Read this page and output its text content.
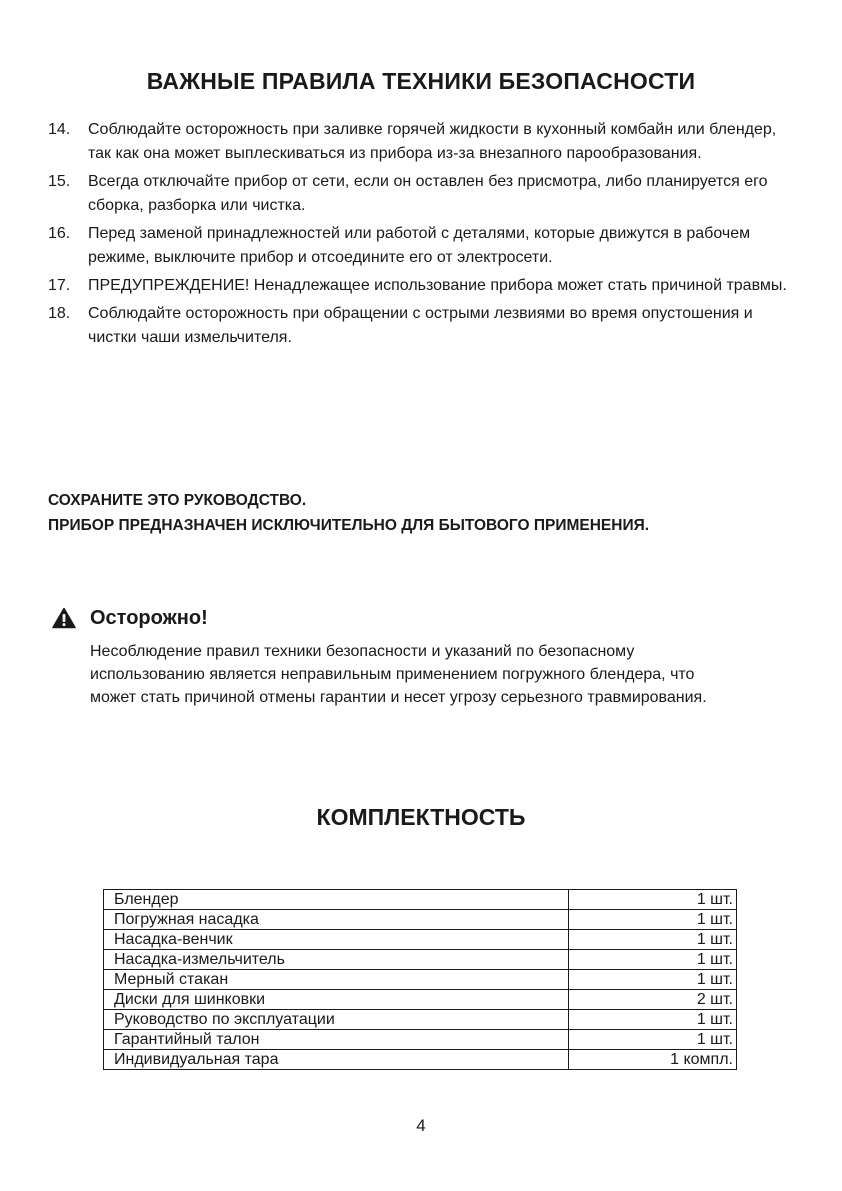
ВАЖНЫЕ ПРАВИЛА ТЕХНИКИ БЕЗОПАСНОСТИ
14. Соблюдайте осторожность при заливке горячей жидкости в кухонный комбайн или блендер, так как она может выплескиваться из прибора из-за внезапного парообразования.
15. Всегда отключайте прибор от сети, если он оставлен без присмотра, либо планируется его сборка, разборка или чистка.
16. Перед заменой принадлежностей или работой с деталями, которые движутся в рабочем режиме, выключите прибор и отсоедините его от электросети.
17. ПРЕДУПРЕЖДЕНИЕ! Ненадлежащее использование прибора может стать причиной травмы.
18. Соблюдайте осторожность при обращении с острыми лезвиями во время опустошения и чистки чаши измельчителя.
СОХРАНИТЕ ЭТО РУКОВОДСТВО.
ПРИБОР ПРЕДНАЗНАЧЕН ИСКЛЮЧИТЕЛЬНО ДЛЯ БЫТОВОГО ПРИМЕНЕНИЯ.
Осторожно!

Несоблюдение правил техники безопасности и указаний по безопасному использованию является неправильным применением погружного блендера, что может стать причиной отмены гарантии и несет угрозу серьезного травмирования.

КОМПЛЕКТНОСТЬ
Блендер	1 шт.
Погружная насадка	1 шт.
Насадка-венчик	1 шт.
Насадка-измельчитель	1 шт.
Мерный стакан	1 шт.
Диски для шинковки	2 шт.
Руководство по эксплуатации	1 шт.
Гарантийный талон	1 шт.
Индивидуальная тара	1 компл.
4
